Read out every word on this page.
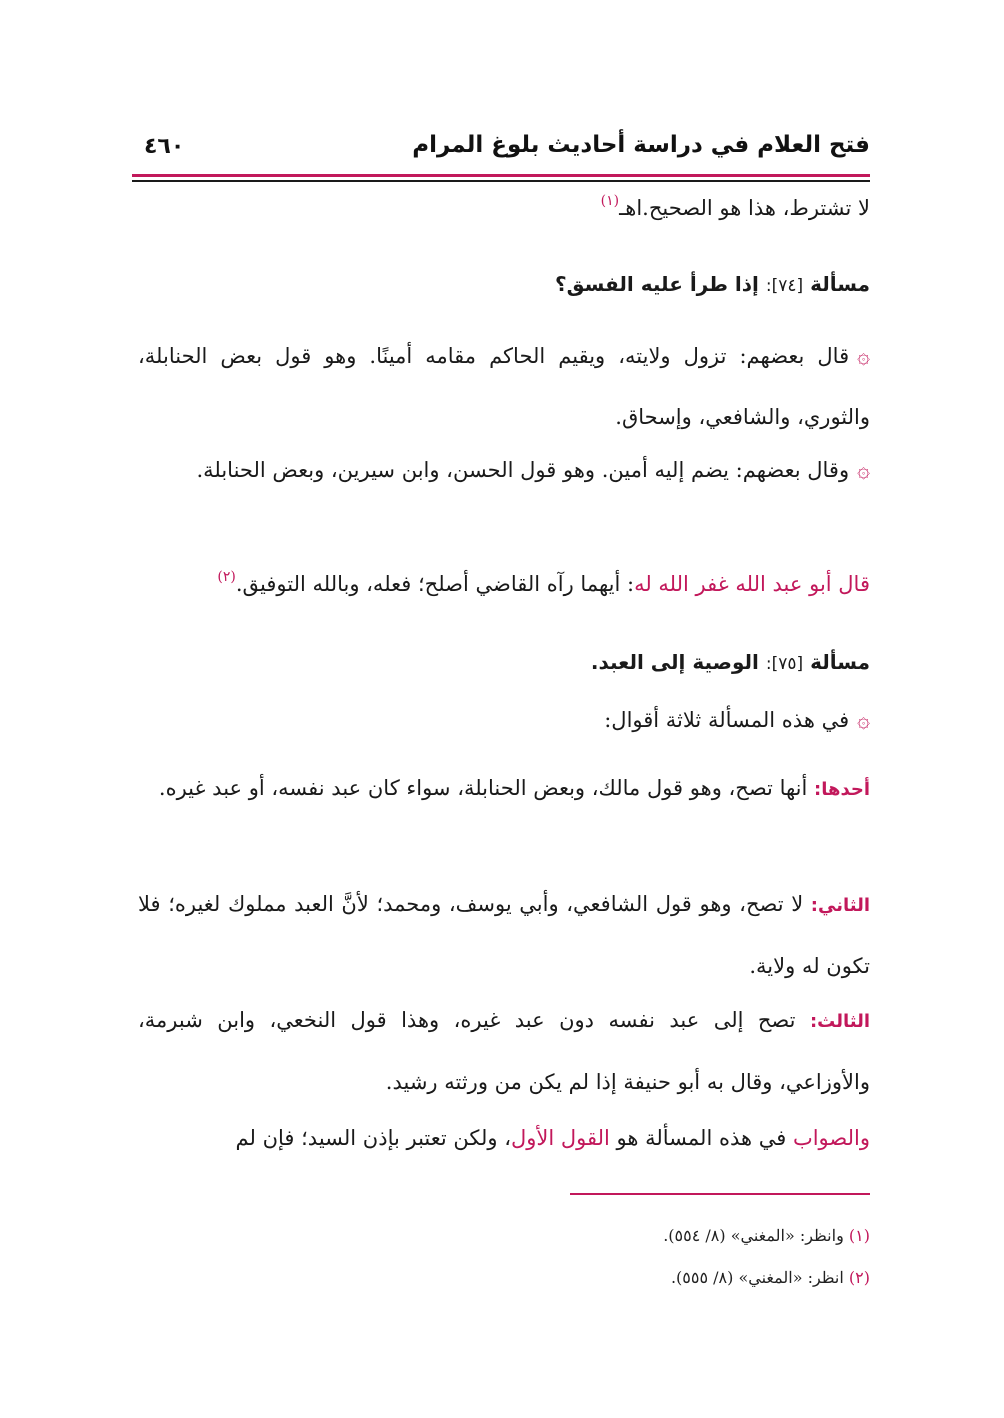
٤٦٠	فتح العلام في دراسة أحاديث بلوغ المرام
لا تشترط، هذا هو الصحيح.اهـ$^{(١)}$
مسألة [٧٤]: إذا طرأ عليه الفسق؟
۞قال بعضهم: تزول ولايته، ويقيم الحاكم مقامه أمينًا. وهو قول بعض الحنابلة، والثوري، والشافعي، وإسحاق.
۞وقال بعضهم: يضم إليه أمين. وهو قول الحسن، وابن سيرين، وبعض الحنابلة.
قال أبو عبد الله غفر الله له: أيهما رآه القاضي أصلح؛ فعله، وبالله التوفيق.$^{(٢)}$
مسألة [٧٥]: الوصية إلى العبد.
۞في هذه المسألة ثلاثة أقوال:
أحدها: أنها تصح، وهو قول مالك، وبعض الحنابلة، سواء كان عبد نفسه، أو عبد غيره.
الثاني: لا تصح، وهو قول الشافعي، وأبي يوسف، ومحمد؛ لأنَّ العبد مملوك لغيره؛ فلا تكون له ولاية.
الثالث: تصح إلى عبد نفسه دون عبد غيره، وهذا قول النخعي، وابن شبرمة، والأوزاعي، وقال به أبو حنيفة إذا لم يكن من ورثته رشيد.
والصواب في هذه المسألة هو القول الأول، ولكن تعتبر بإذن السيد؛ فإن لم
(١) وانظر: «المغني» (٨/ ٥٥٤).
(٢) انظر: «المغني» (٨/ ٥٥٥).
